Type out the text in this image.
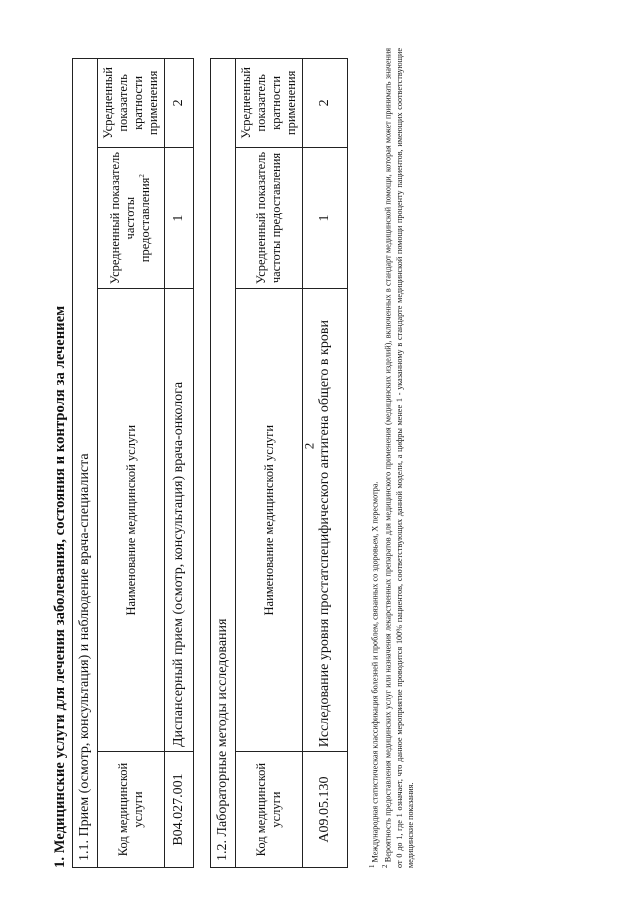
2
1. Медицинские услуги для лечения заболевания, состояния и контроля за лечением 1.1. Прием (осмотр, консультация) и наблюдение врача-специалиста			
Код медицинской услуги	Наименование медицинской услуги	Усредненный показатель частоты предоставления$^2$	Усредненный показатель кратности применения
B04.027.001	Диспансерный прием (осмотр, консультация) врача-онколога	1	2
1.2. Лабораторные методы исследования			
Код медицинской услуги	Наименование медицинской услуги	Усредненный показатель частоты предоставления	Усредненный показатель кратности применения
A09.05.130	Исследование уровня простатспецифического антигена общего в крови	1	2

$^1$ Международная статистическая классификация болезней и проблем, связанных со здоровьем, X пересмотра.

$^2$ Вероятность предоставления медицинских услуг или назначения лекарственных препаратов для медицинского применения (медицинских изделий), включенных в стандарт медицинской помощи, которая может принимать значения от 0 до 1, где 1 означает, что данное мероприятие проводится 100% пациентов, соответствующих данной модели, а цифры менее 1 - указанному в стандарте медицинской помощи проценту пациентов, имеющих соответствующие медицинские показания.
